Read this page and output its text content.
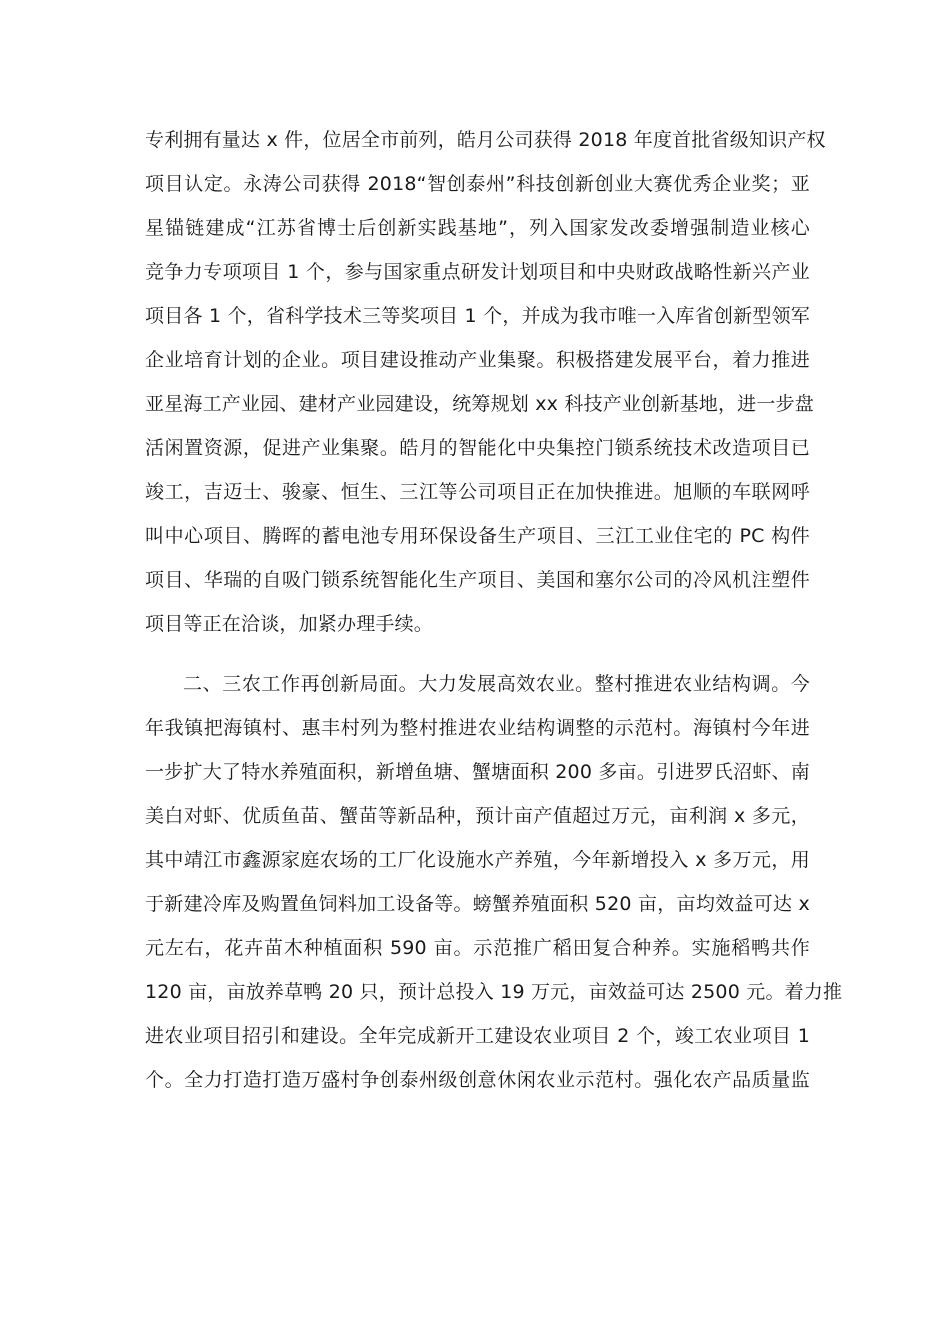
专利拥有量达 x 件，位居全市前列，皓月公司获得 2018 年度首批省级知识产权
项目认定。永涛公司获得 2018“智创泰州”科技创新创业大赛优秀企业奖；亚
星锚链建成“江苏省博士后创新实践基地”，列入国家发改委增强制造业核心
竞争力专项项目 1 个，参与国家重点研发计划项目和中央财政战略性新兴产业
项目各 1 个，省科学技术三等奖项目 1 个，并成为我市唯一入库省创新型领军
企业培育计划的企业。项目建设推动产业集聚。积极搭建发展平台，着力推进
亚星海工产业园、建材产业园建设，统筹规划 xx 科技产业创新基地，进一步盘
活闲置资源，促进产业集聚。皓月的智能化中央集控门锁系统技术改造项目已
竣工，吉迈士、骏豪、恒生、三江等公司项目正在加快推进。旭顺的车联网呼
叫中心项目、腾晖的蓄电池专用环保设备生产项目、三江工业住宅的 PC 构件
项目、华瑞的自吸门锁系统智能化生产项目、美国和塞尔公司的冷风机注塑件
项目等正在洽谈，加紧办理手续。
二、三农工作再创新局面。大力发展高效农业。整村推进农业结构调。今
年我镇把海镇村、惠丰村列为整村推进农业结构调整的示范村。海镇村今年进
一步扩大了特水养殖面积，新增鱼塘、蟹塘面积 200 多亩。引进罗氏沼虾、南
美白对虾、优质鱼苗、蟹苗等新品种，预计亩产值超过万元，亩利润 x 多元，
其中靖江市鑫源家庭农场的工厂化设施水产养殖，今年新增投入 x 多万元，用
于新建冷库及购置鱼饲料加工设备等。螃蟹养殖面积 520 亩，亩均效益可达 x
元左右，花卉苗木种植面积 590 亩。示范推广稻田复合种养。实施稻鸭共作
120 亩，亩放养草鸭 20 只，预计总投入 19 万元，亩效益可达 2500 元。着力推
进农业项目招引和建设。全年完成新开工建设农业项目 2 个，竣工农业项目 1
个。全力打造打造万盛村争创泰州级创意休闲农业示范村。强化农产品质量监
